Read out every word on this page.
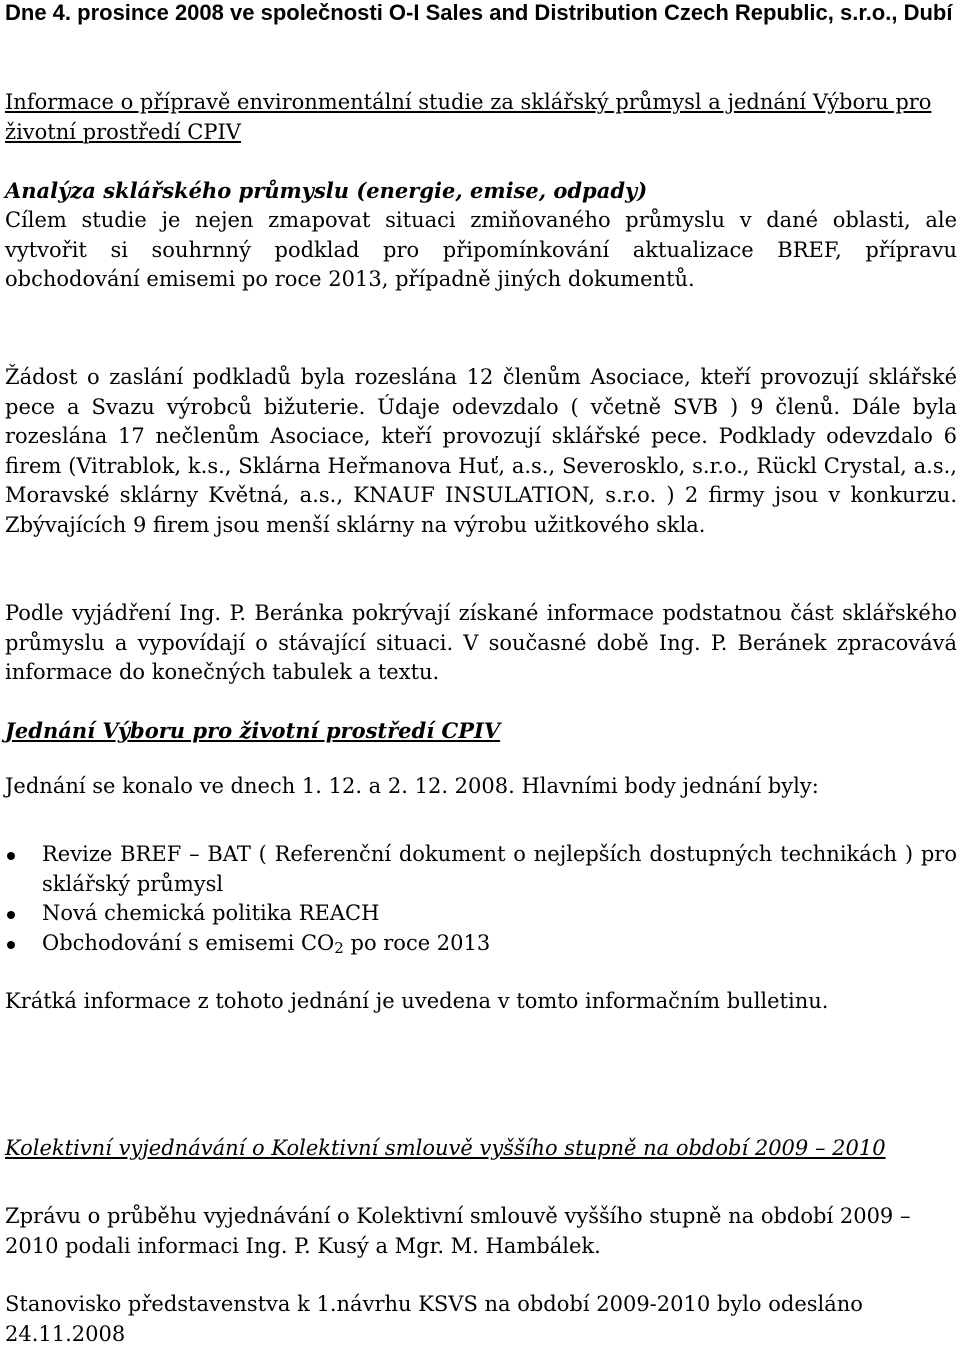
Dne 4. prosince 2008 ve společnosti O-I Sales and Distribution Czech Republic, s.r.o., Dubí

Informace o přípravě environmentální studie za sklářský průmysl a jednání Výboru pro životní prostředí CPIV

Analýza sklářského průmyslu (energie, emise, odpady)

Cílem studie je nejen zmapovat situaci zmiňovaného průmyslu v dané oblasti, ale vytvořit si souhrnný podklad pro připomínkování aktualizace BREF, přípravu obchodování emisemi po roce 2013, případně jiných dokumentů.

Žádost o zaslání podkladů byla rozeslána 12 členům Asociace, kteří provozují sklářské pece a Svazu výrobců bižuterie. Údaje odevzdalo ( včetně SVB ) 9 členů. Dále byla rozeslána 17 nečlenům Asociace, kteří provozují sklářské pece. Podklady odevzdalo 6 firem (Vitrablok, k.s., Sklárna Heřmanova Huť, a.s., Severosklo, s.r.o., Rückl Crystal, a.s., Moravské sklárny Květná, a.s., KNAUF INSULATION, s.r.o. ) 2 firmy jsou v konkurzu. Zbývajících 9 firem jsou menší sklárny na výrobu užitkového skla.

Podle vyjádření Ing. P. Beránka pokrývají získané informace podstatnou část sklářského průmyslu a vypovídají o stávající situaci. V současné době Ing. P. Beránek zpracovává informace do konečných tabulek a textu.

Jednání Výboru pro životní prostředí CPIV

Jednání se konalo ve dnech 1. 12. a 2. 12. 2008. Hlavními body jednání byly:

Revize BREF – BAT ( Referenční dokument o nejlepších dostupných technikách ) pro sklářský průmysl
Nová chemická politika REACH
Obchodování s emisemi $CO_2$ po roce 2013

Krátká informace z tohoto jednání je uvedena v tomto informačním bulletinu.

Kolektivní vyjednávání o Kolektivní smlouvě vyššího stupně na období 2009 – 2010

Zprávu o průběhu vyjednávání o Kolektivní smlouvě vyššího stupně na období 2009 – 2010 podali informaci Ing. P. Kusý a Mgr. M. Hambálek.

Stanovisko představenstva k 1.návrhu KSVS na období 2009-2010 bylo odesláno 24.11.2008
